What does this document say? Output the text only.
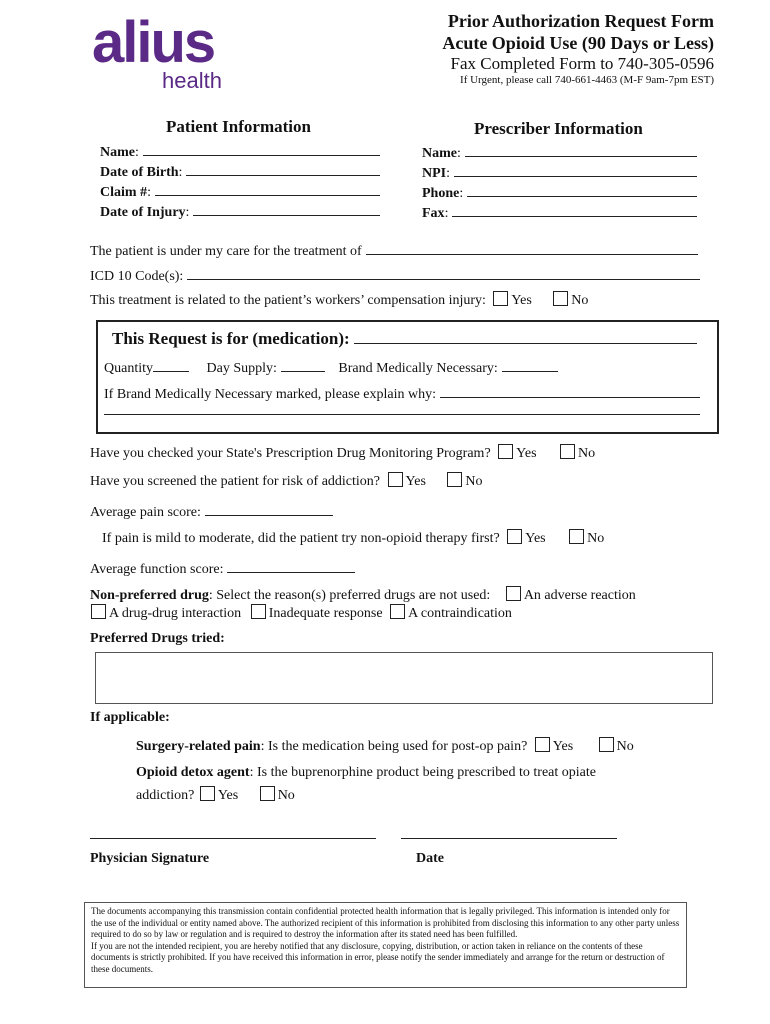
alius
health
Prior Authorization Request Form
Acute Opioid Use (90 Days or Less)
Fax Completed Form to 740-305-0596
If Urgent, please call 740-661-4463 (M-F 9am-7pm EST)
Patient Information
Name :
Date of Birth :
Claim # :
Date of Injury :
Prescriber Information
Name :
NPI :
Phone :
Fax :
The patient is under my care for the treatment of
ICD 10 Code(s):
This treatment is related to the patient’s workers’ compensation injury: Yes	No
This Request is for (medication):
Quantity	Day Supply:	Brand Medically Necessary:
If Brand Medically Necessary marked, please explain why:
Have you checked your State's Prescription Drug Monitoring Program? Yes	No
Have you screened the patient for risk of addiction? Yes	No
Average pain score:
If pain is mild to moderate, did the patient try non-opioid therapy first? Yes	No
Average function score:
Non-preferred drug: Select the reason(s) preferred drugs are not used: An adverse reaction
A drug-drug interaction Inadequate response A contraindication
Preferred Drugs tried:
If applicable:
Surgery-related pain: Is the medication being used for post-op pain? Yes	No
Opioid detox agent: Is the buprenorphine product being prescribed to treat opiate
addiction? Yes	No
Physician Signature	Date
The documents accompanying this transmission contain confidential protected health information that is legally privileged. This information is intended only for the use of the individual or entity named above. The authorized recipient of this information is prohibited from disclosing this information to any other party unless required to do so by law or regulation and is required to destroy the information after its stated need has been fulfilled.
If you are not the intended recipient, you are hereby notified that any disclosure, copying, distribution, or action taken in reliance on the contents of these documents is strictly prohibited. If you have received this information in error, please notify the sender immediately and arrange for the return or destruction of these documents.
